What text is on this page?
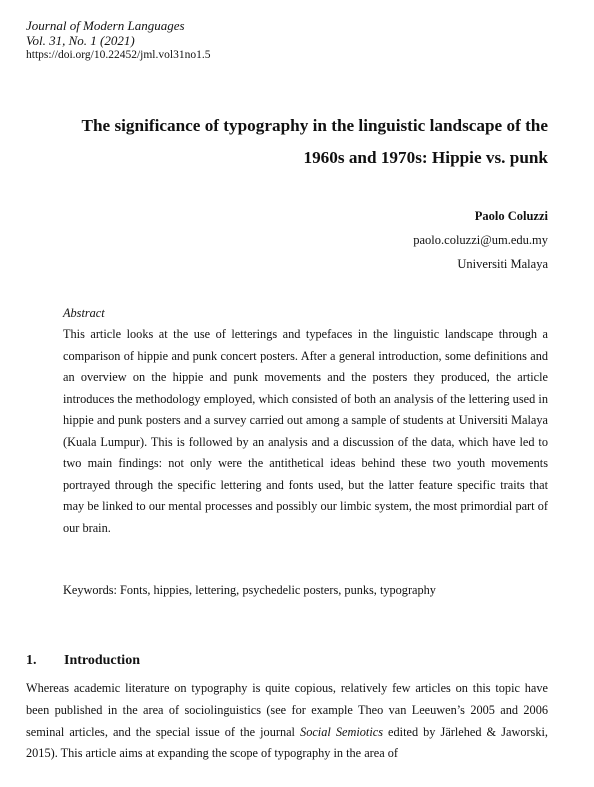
Journal of Modern Languages
Vol. 31, No. 1 (2021)
https://doi.org/10.22452/jml.vol31no1.5
The significance of typography in the linguistic landscape of the
1960s and 1970s: Hippie vs. punk
Paolo Coluzzi
paolo.coluzzi@um.edu.my
Universiti Malaya
Abstract
This article looks at the use of letterings and typefaces in the linguistic landscape through a comparison of hippie and punk concert posters. After a general introduction, some definitions and an overview on the hippie and punk movements and the posters they produced, the article introduces the methodology employed, which consisted of both an analysis of the lettering used in hippie and punk posters and a survey carried out among a sample of students at Universiti Malaya (Kuala Lumpur). This is followed by an analysis and a discussion of the data, which have led to two main findings: not only were the antithetical ideas behind these two youth movements portrayed through the specific lettering and fonts used, but the latter feature specific traits that may be linked to our mental processes and possibly our limbic system, the most primordial part of our brain.
Keywords: Fonts, hippies, lettering, psychedelic posters, punks, typography
1. Introduction
Whereas academic literature on typography is quite copious, relatively few articles on this topic have been published in the area of sociolinguistics (see for example Theo van Leeuwen’s 2005 and 2006 seminal articles, and the special issue of the journal Social Semiotics edited by Järlehed & Jaworski, 2015). This article aims at expanding the scope of typography in the area of
